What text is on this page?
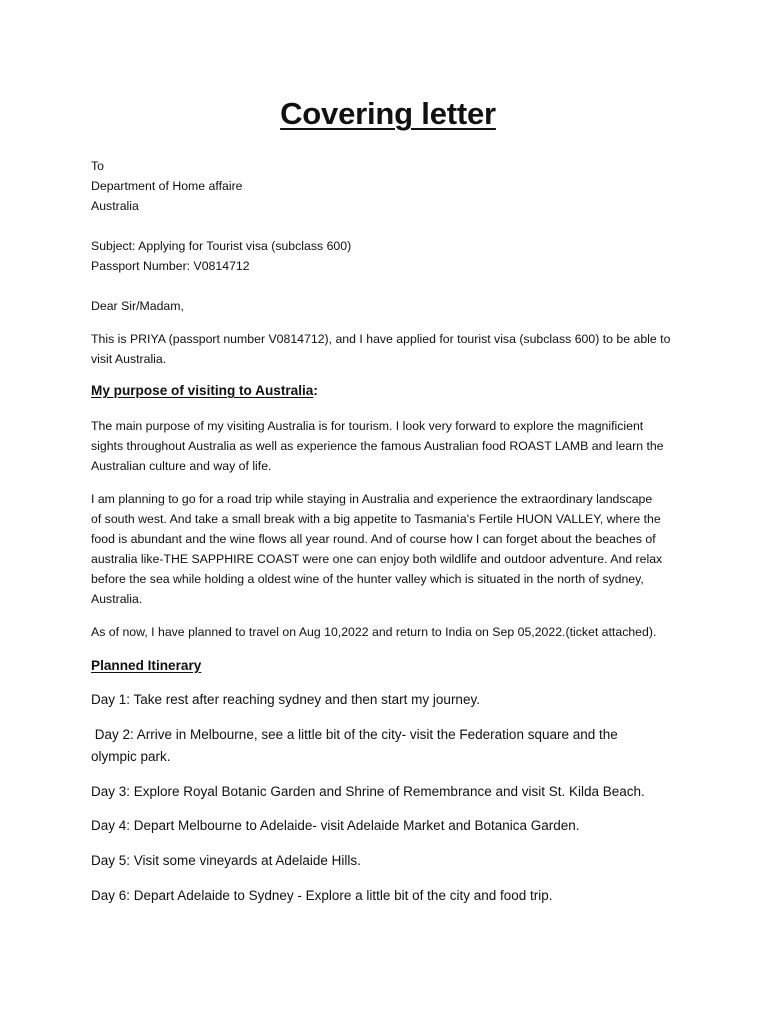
Covering letter
To
Department of Home affaire
Australia
Subject: Applying for Tourist visa (subclass 600)
Passport Number: V0814712
Dear Sir/Madam,
This is PRIYA (passport number V0814712), and I have applied for tourist visa (subclass 600) to be able to
visit Australia.
My purpose of visiting to Australia:
The main purpose of my visiting Australia is for tourism. I look very forward to explore the magnificient
sights throughout Australia as well as experience the famous Australian food ROAST LAMB and learn the
Australian culture and way of life.
I am planning to go for a road trip while staying in Australia and experience the extraordinary landscape
of south west. And take a small break with a big appetite to Tasmania's Fertile HUON VALLEY, where the
food is abundant and the wine flows all year round. And of course how I can forget about the beaches of
australia like-THE SAPPHIRE COAST were one can enjoy both wildlife and outdoor adventure. And relax
before the sea while holding a oldest wine of the hunter valley which is situated in the north of sydney,
Australia.
As of now, I have planned to travel on Aug 10,2022 and return to India on Sep 05,2022.(ticket attached).
Planned Itinerary
Day 1: Take rest after reaching sydney and then start my journey.
Day 2: Arrive in Melbourne, see a little bit of the city- visit the Federation square and the
olympic park.
Day 3: Explore Royal Botanic Garden and Shrine of Remembrance and visit St. Kilda Beach.
Day 4: Depart Melbourne to Adelaide- visit Adelaide Market and Botanica Garden.
Day 5: Visit some vineyards at Adelaide Hills.
Day 6: Depart Adelaide to Sydney - Explore a little bit of the city and food trip.
